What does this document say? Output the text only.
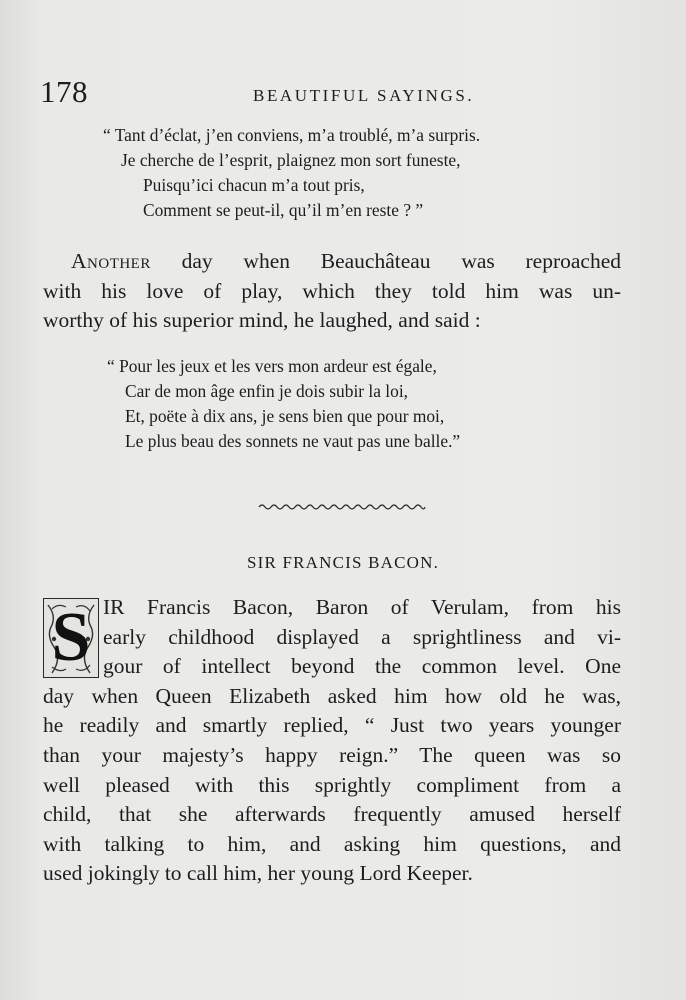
178	BEAUTIFUL SAYINGS.
“ Tant d’éclat, j’en conviens, m’a troublé, m’a surpris.
Je cherche de l’esprit, plaignez mon sort funeste,
Puisqu’ici chacun m’a tout pris,
Comment se peut-il, qu’il m’en reste ? ”
Another day when Beauchâteau was reproached
with his love of play, which they told him was un-
worthy of his superior mind, he laughed, and said :
“ Pour les jeux et les vers mon ardeur est égale,
Car de mon âge enfin je dois subir la loi,
Et, poëte à dix ans, je sens bien que pour moi,
Le plus beau des sonnets ne vaut pas une balle.”
SIR FRANCIS BACON.
S IR Francis Bacon, Baron of Verulam, from his
early childhood displayed a sprightliness and vi-
gour of intellect beyond the common level. One
day when Queen Elizabeth asked him how old he was,
he readily and smartly replied, “ Just two years younger
than your majesty’s happy reign.” The queen was so
well pleased with this sprightly compliment from a
child, that she afterwards frequently amused herself
with talking to him, and asking him questions, and
used jokingly to call him, her young Lord Keeper.
